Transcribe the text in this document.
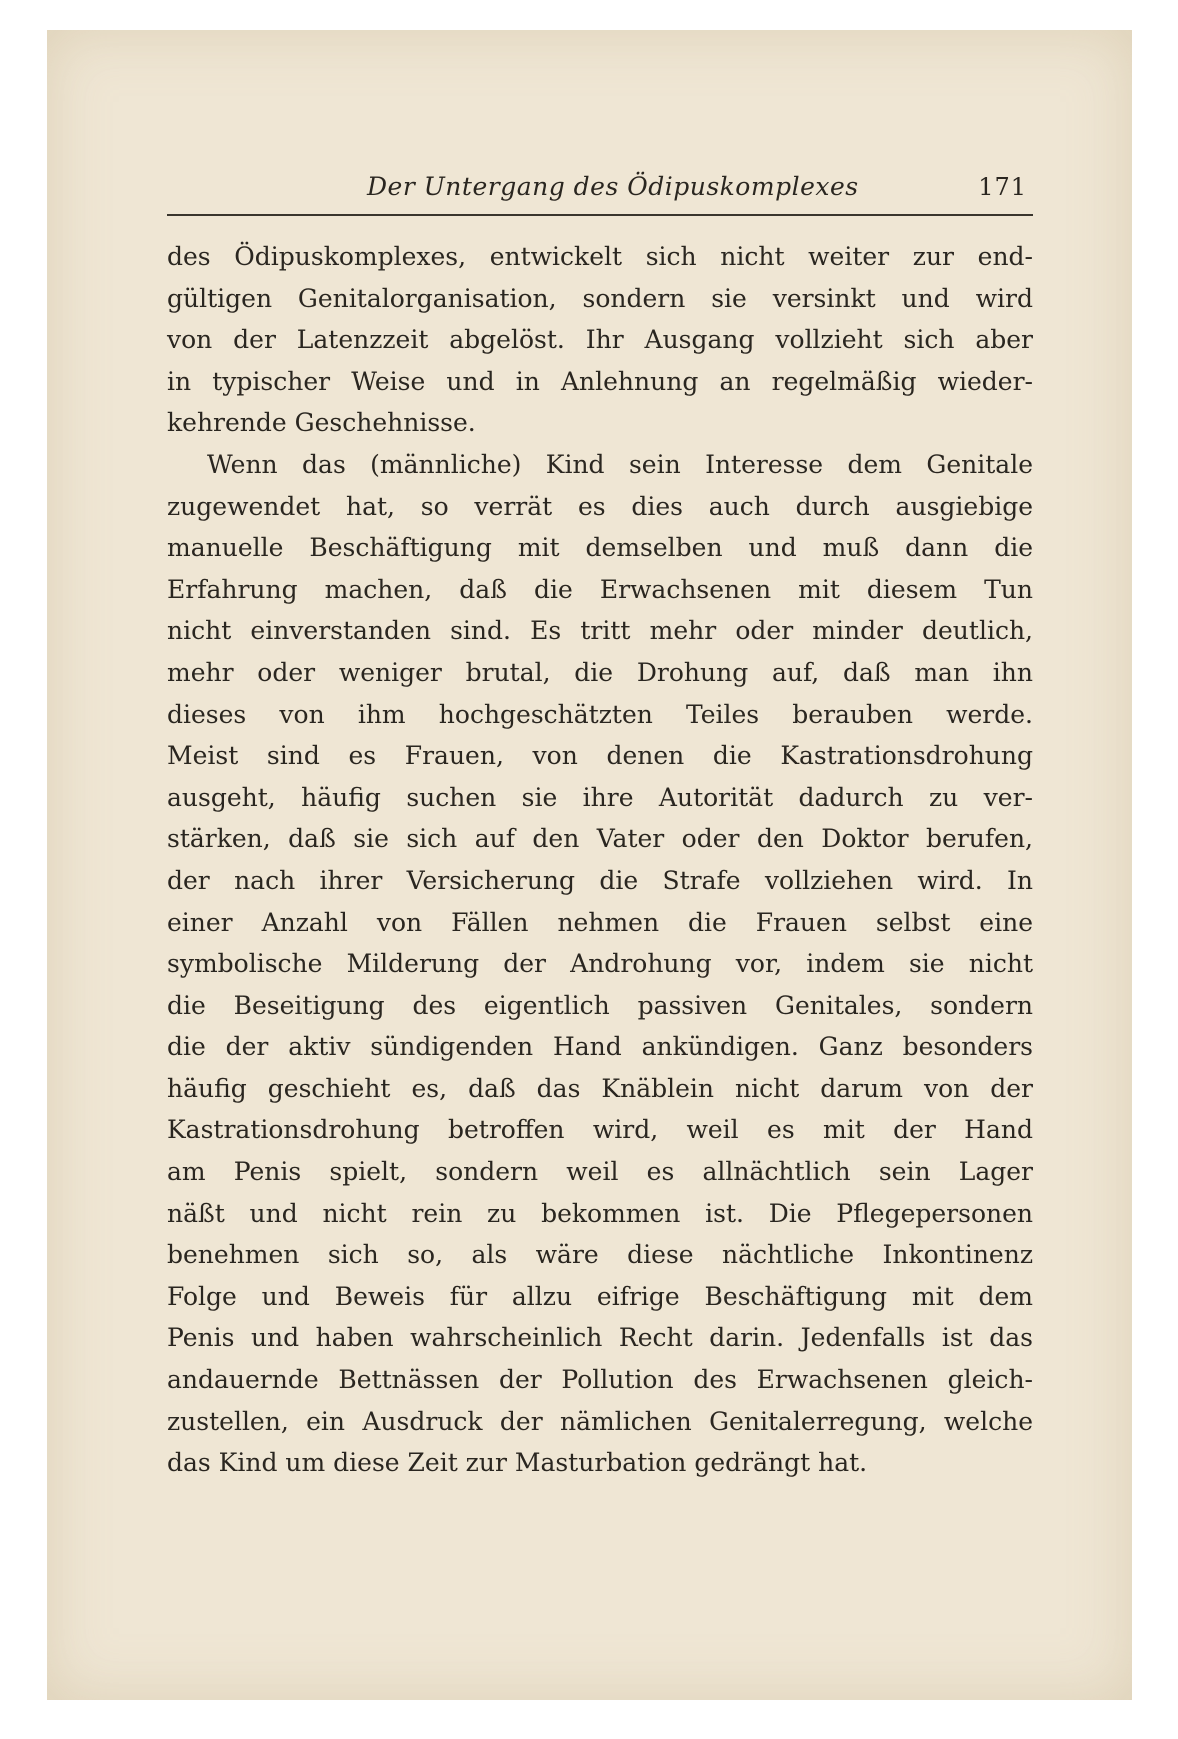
Der Untergang des Ödipuskomplexes	171
des Ödipuskomplexes, entwickelt sich nicht weiter zur end-
gültigen Genitalorganisation, sondern sie versinkt und wird
von der Latenzzeit abgelöst. Ihr Ausgang vollzieht sich aber
in typischer Weise und in Anlehnung an regelmäßig wieder-
kehrende Geschehnisse.
Wenn das (männliche) Kind sein Interesse dem Genitale
zugewendet hat, so verrät es dies auch durch ausgiebige
manuelle Beschäftigung mit demselben und muß dann die
Erfahrung machen, daß die Erwachsenen mit diesem Tun
nicht einverstanden sind. Es tritt mehr oder minder deutlich,
mehr oder weniger brutal, die Drohung auf, daß man ihn
dieses von ihm hochgeschätzten Teiles berauben werde.
Meist sind es Frauen, von denen die Kastrationsdrohung
ausgeht, häufig suchen sie ihre Autorität dadurch zu ver-
stärken, daß sie sich auf den Vater oder den Doktor berufen,
der nach ihrer Versicherung die Strafe vollziehen wird. In
einer Anzahl von Fällen nehmen die Frauen selbst eine
symbolische Milderung der Androhung vor, indem sie nicht
die Beseitigung des eigentlich passiven Genitales, sondern
die der aktiv sündigenden Hand ankündigen. Ganz besonders
häufig geschieht es, daß das Knäblein nicht darum von der
Kastrationsdrohung betroffen wird, weil es mit der Hand
am Penis spielt, sondern weil es allnächtlich sein Lager
näßt und nicht rein zu bekommen ist. Die Pflegepersonen
benehmen sich so, als wäre diese nächtliche Inkontinenz
Folge und Beweis für allzu eifrige Beschäftigung mit dem
Penis und haben wahrscheinlich Recht darin. Jedenfalls ist das
andauernde Bettnässen der Pollution des Erwachsenen gleich-
zustellen, ein Ausdruck der nämlichen Genitalerregung, welche
das Kind um diese Zeit zur Masturbation gedrängt hat.
